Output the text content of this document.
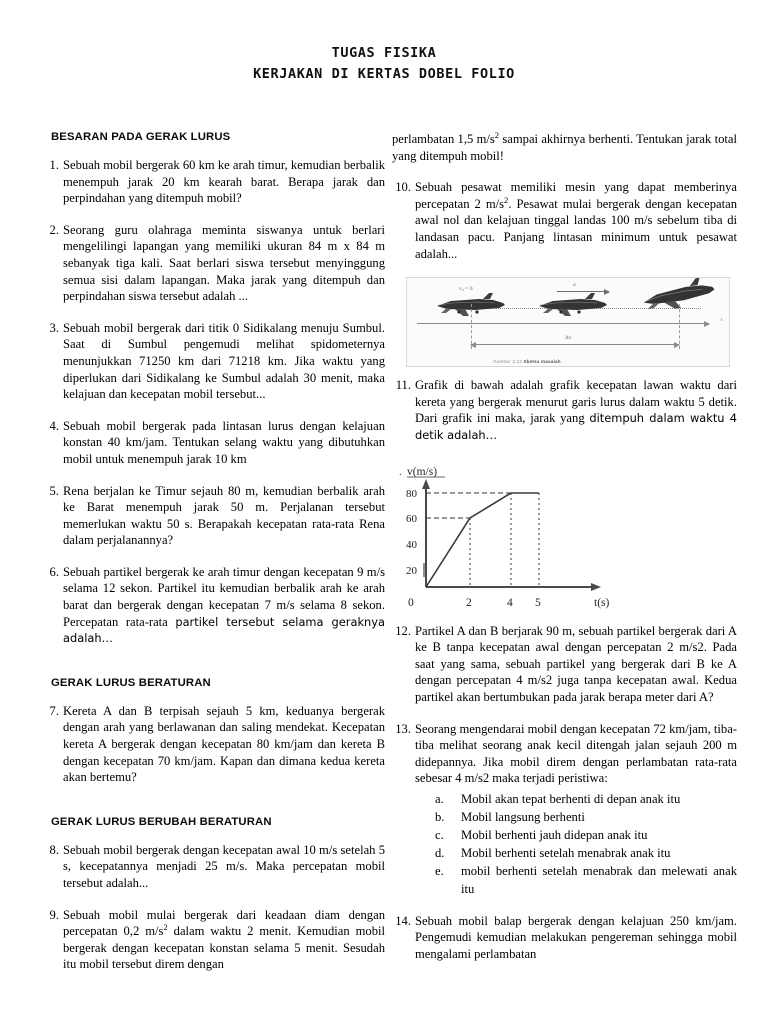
TUGAS FISIKA
KERJAKAN DI KERTAS DOBEL FOLIO
BESARAN PADA GERAK LURUS
1. Sebuah mobil bergerak 60 km ke arah timur, kemudian berbalik menempuh jarak 20 km kearah barat. Berapa jarak dan perpindahan yang ditempuh mobil?
2. Seorang guru olahraga meminta siswanya untuk berlari mengelilingi lapangan yang memiliki ukuran 84 m x 84 m sebanyak tiga kali. Saat berlari siswa tersebut menyinggung semua sisi dalam lapangan. Maka jarak yang ditempuh dan perpindahan siswa tersebut adalah ...
3. Sebuah mobil bergerak dari titik 0 Sidikalang menuju Sumbul. Saat di Sumbul pengemudi melihat spidometernya menunjukkan 71250 km dari 71218 km. Jika waktu yang diperlukan dari Sidikalang ke Sumbul adalah 30 menit, maka kelajuan dan kecepatan mobil tersebut...
4. Sebuah mobil bergerak pada lintasan lurus dengan kelajuan konstan 40 km/jam. Tentukan selang waktu yang dibutuhkan mobil untuk menempuh jarak 10 km
5. Rena berjalan ke Timur sejauh 80 m, kemudian berbalik arah ke Barat menempuh jarak 50 m. Perjalanan tersebut memerlukan waktu 50 s. Berapakah kecepatan rata-rata Rena dalam perjalanannya?
6. Sebuah partikel bergerak ke arah timur dengan kecepatan 9 m/s selama 12 sekon. Partikel itu kemudian berbalik arah ke arah barat dan bergerak dengan kecepatan 7 m/s selama 8 sekon. Percepatan rata-rata partikel tersebut selama geraknya adalah…
GERAK LURUS BERATURAN
7. Kereta A dan B terpisah sejauh 5 km, keduanya bergerak dengan arah yang berlawanan dan saling mendekat. Kecepatan kereta A bergerak dengan kecepatan 80 km/jam dan kereta B dengan kecepatan 70 km/jam. Kapan dan dimana kedua kereta akan bertemu?
GERAK LURUS BERUBAH BERATURAN
8. Sebuah mobil bergerak dengan kecepatan awal 10 m/s setelah 5 s, kecepatannya menjadi 25 m/s. Maka percepatan mobil tersebut adalah...
9. Sebuah mobil mulai bergerak dari keadaan diam dengan percepatan 0,2 $m/s^2$ dalam waktu 2 menit. Kemudian mobil bergerak dengan kecepatan konstan selama 5 menit. Sesudah itu mobil tersebut direm dengan
perlambatan 1,5 $m/s^2$ sampai akhirnya berhenti. Tentukan jarak total yang ditempuh mobil!
10. Sebuah pesawat memiliki mesin yang dapat memberinya percepatan 2 $m/s^2$. Pesawat mulai bergerak dengan kecepatan awal nol dan kelajuan tinggal landas 100 m/s sebelum tiba di landasan pacu. Panjang lintasan minimum untuk pesawat adalah...
v₀ = 0
a
x
Δx
Gambar 3.13 Sketsa masalah
11. Grafik di bawah adalah grafik kecepatan lawan waktu dari kereta yang bergerak menurut garis lurus dalam waktu 5 detik. Dari grafik ini maka, jarak yang ditempuh dalam waktu 4 detik adalah…
. v(m/s)
20
40
60
80
0	2	4 5	t(s)
12. Partikel A dan B berjarak 90 m, sebuah partikel bergerak dari A ke B tanpa kecepatan awal dengan percepatan 2 m/s2. Pada saat yang sama, sebuah partikel yang bergerak dari B ke A dengan percepatan 4 m/s2 juga tanpa kecepatan awal. Kedua partikel akan bertumbukan pada jarak berapa meter dari A?
13. Seorang mengendarai mobil dengan kecepatan 72 km/jam, tiba-tiba melihat seorang anak kecil ditengah jalan sejauh 200 m didepannya. Jika mobil direm dengan perlambatan rata-rata sebesar 4 m/s2 maka terjadi peristiwa:
a.	Mobil akan tepat berhenti di depan anak itu
b.	Mobil langsung berhenti
c.	Mobil berhenti jauh didepan anak itu
d.	Mobil berhenti setelah menabrak anak itu
e.	mobil berhenti setelah menabrak dan melewati anak itu
14. Sebuah mobil balap bergerak dengan kelajuan 250 km/jam. Pengemudi kemudian melakukan pengereman sehingga mobil mengalami perlambatan
